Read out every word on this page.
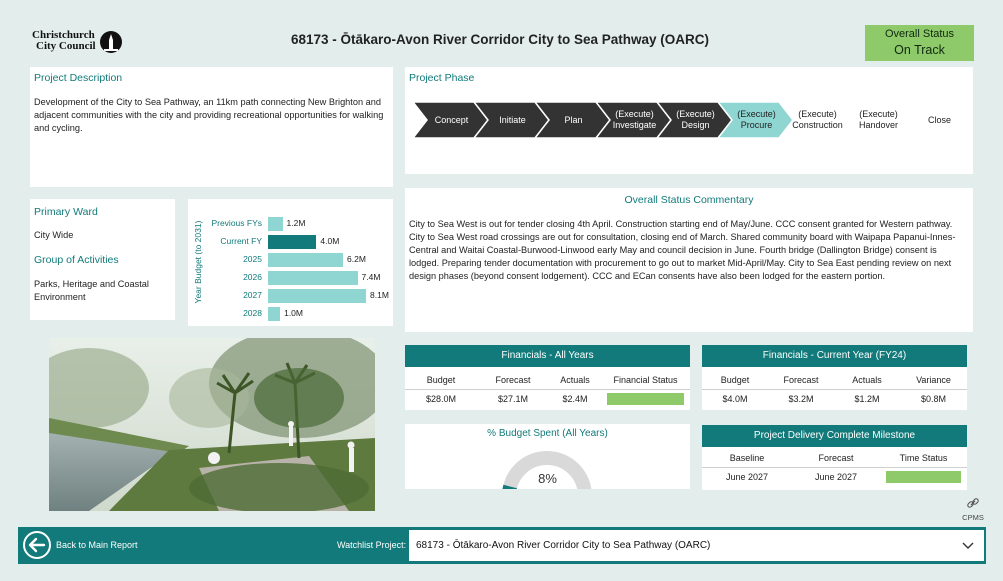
Christchurch
City Council	68173 - Ōtākaro-Avon River Corridor City to Sea Pathway (OARC)	Overall Status
On Track
Project Description
Development of the City to Sea Pathway, an 11km path connecting New Brighton and adjacent communities with the city and providing recreational opportunities for walking and cycling.
Project Phase
Concept	Initiate	Plan
(Execute)
Investigate
(Execute)
Design
(Execute)
Procure
(Execute)
Construction
(Execute)
Handover	Close
Primary Ward
City Wide
Group of Activities
Parks, Heritage and Coastal Environment	Year Budget (to 2031) Previous FYs	1.2M
Current FY	4.0M
2025	6.2M
2026	7.4M
2027	8.1M
2028	1.0M
Overall Status Commentary
City to Sea West is out for tender closing 4th April. Construction starting end of May/June. CCC consent granted for Western pathway. City to Sea West road crossings are out for consultation, closing end of March. Shared community board with Waipapa Papanui-Innes-Central and Waitai Coastal-Burwood-Linwood early May and council decision in June. Fourth bridge (Dallington Bridge) consent is lodged. Preparing tender documentation with procurement to go out to market Mid-April/May. City to Sea East pending review on next design phases (beyond consent lodgement). CCC and ECan consents have also been lodged for the eastern portion.
Financials - All Years
Budget	Forecast	Actuals	Financial Status
$28.0M	$27.1M	$2.4M
Financials - Current Year (FY24)
Budget	Forecast	Actuals	Variance
$4.0M	$3.2M	$1.2M	$0.8M
% Budget Spent (All Years)
8%
Project Delivery Complete Milestone
Baseline	Forecast	Time Status
June 2027	June 2027
CPMS
Back to Main Report	Watchlist Project: 68173 - Ōtākaro-Avon River Corridor City to Sea Pathway (OARC)
